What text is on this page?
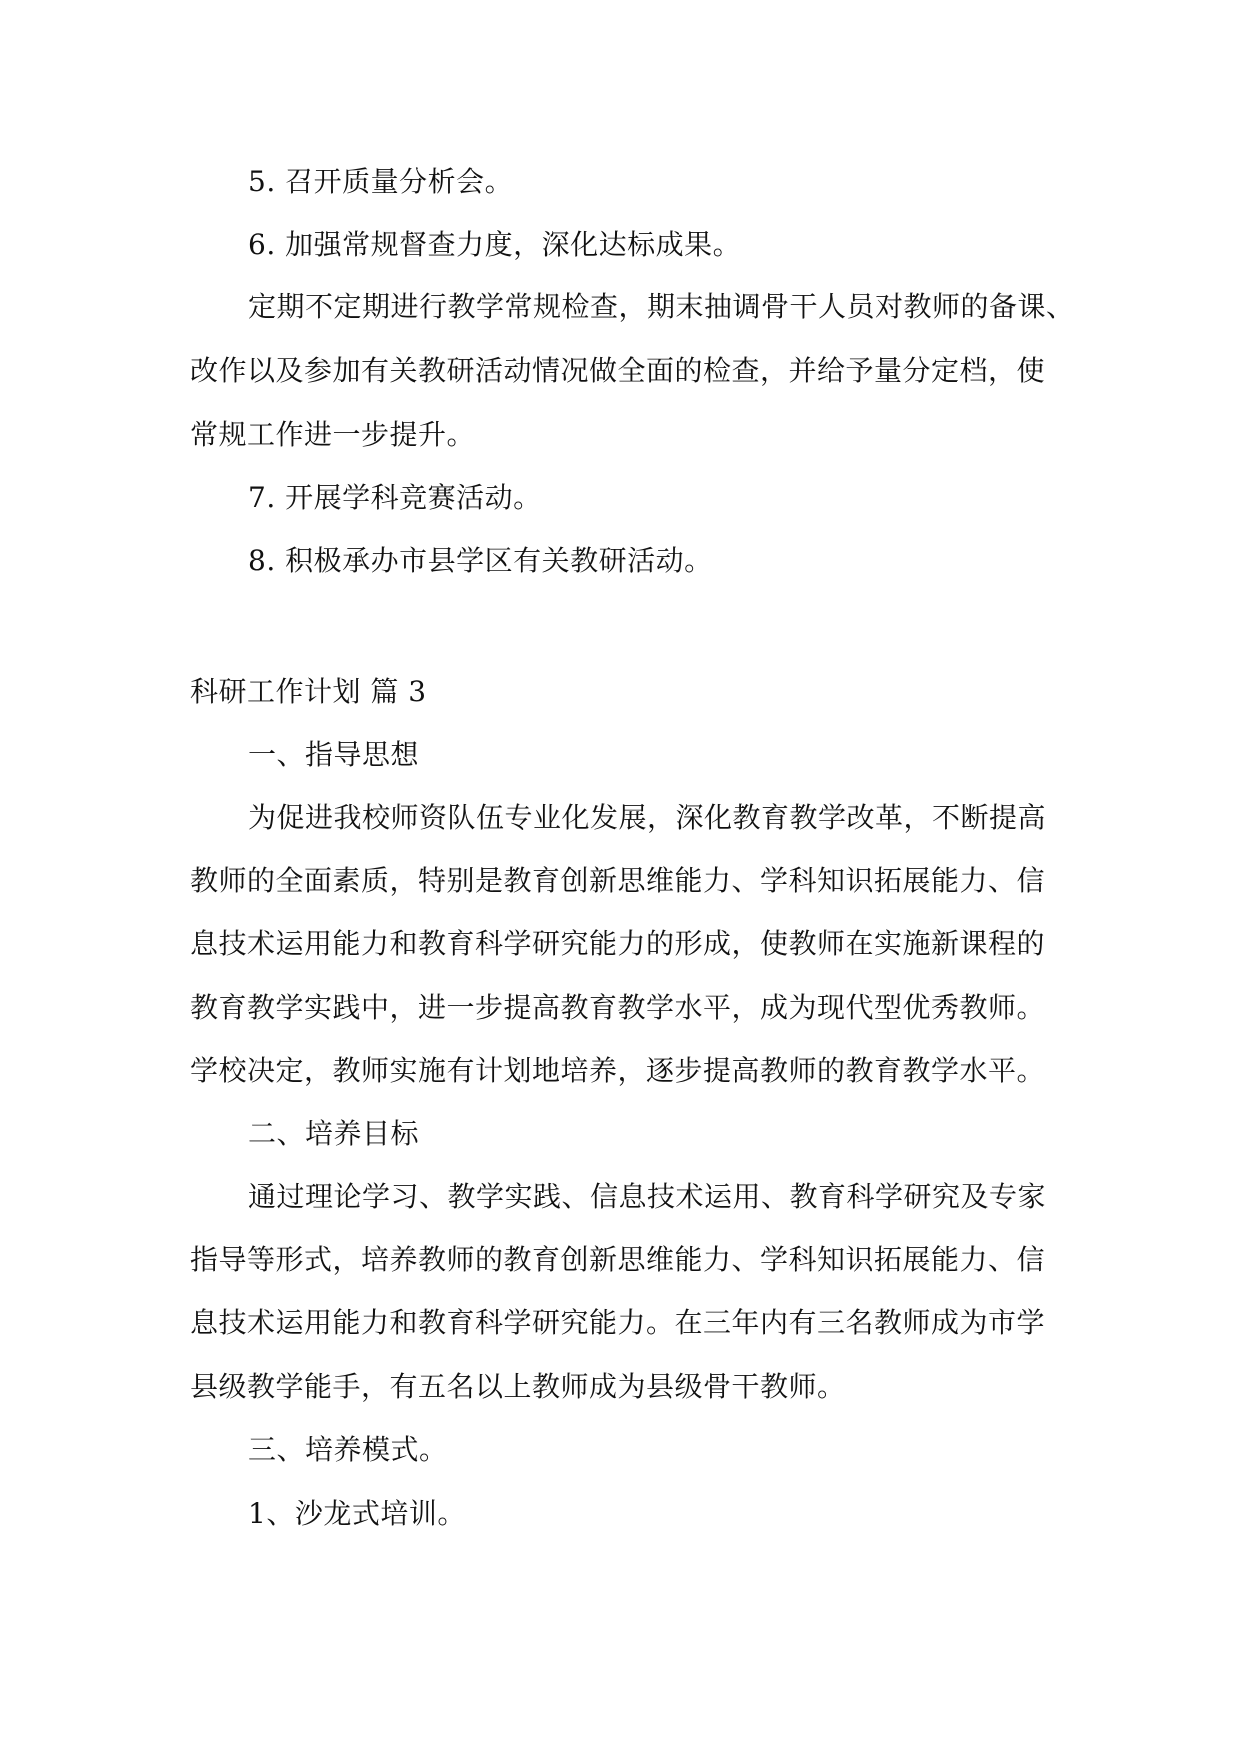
5. 召开质量分析会。
6. 加强常规督查力度，深化达标成果。
定期不定期进行教学常规检查，期末抽调骨干人员对教师的备课、
改作以及参加有关教研活动情况做全面的检查，并给予量分定档，使
常规工作进一步提升。
7. 开展学科竞赛活动。
8. 积极承办市县学区有关教研活动。
科研工作计划 篇 3
一、指导思想
为促进我校师资队伍专业化发展，深化教育教学改革，不断提高
教师的全面素质，特别是教育创新思维能力、学科知识拓展能力、信
息技术运用能力和教育科学研究能力的形成，使教师在实施新课程的
教育教学实践中，进一步提高教育教学水平，成为现代型优秀教师。
学校决定，教师实施有计划地培养，逐步提高教师的教育教学水平。
二、培养目标
通过理论学习、教学实践、信息技术运用、教育科学研究及专家
指导等形式，培养教师的教育创新思维能力、学科知识拓展能力、信
息技术运用能力和教育科学研究能力。在三年内有三名教师成为市学
县级教学能手，有五名以上教师成为县级骨干教师。
三、培养模式。
1、沙龙式培训。
